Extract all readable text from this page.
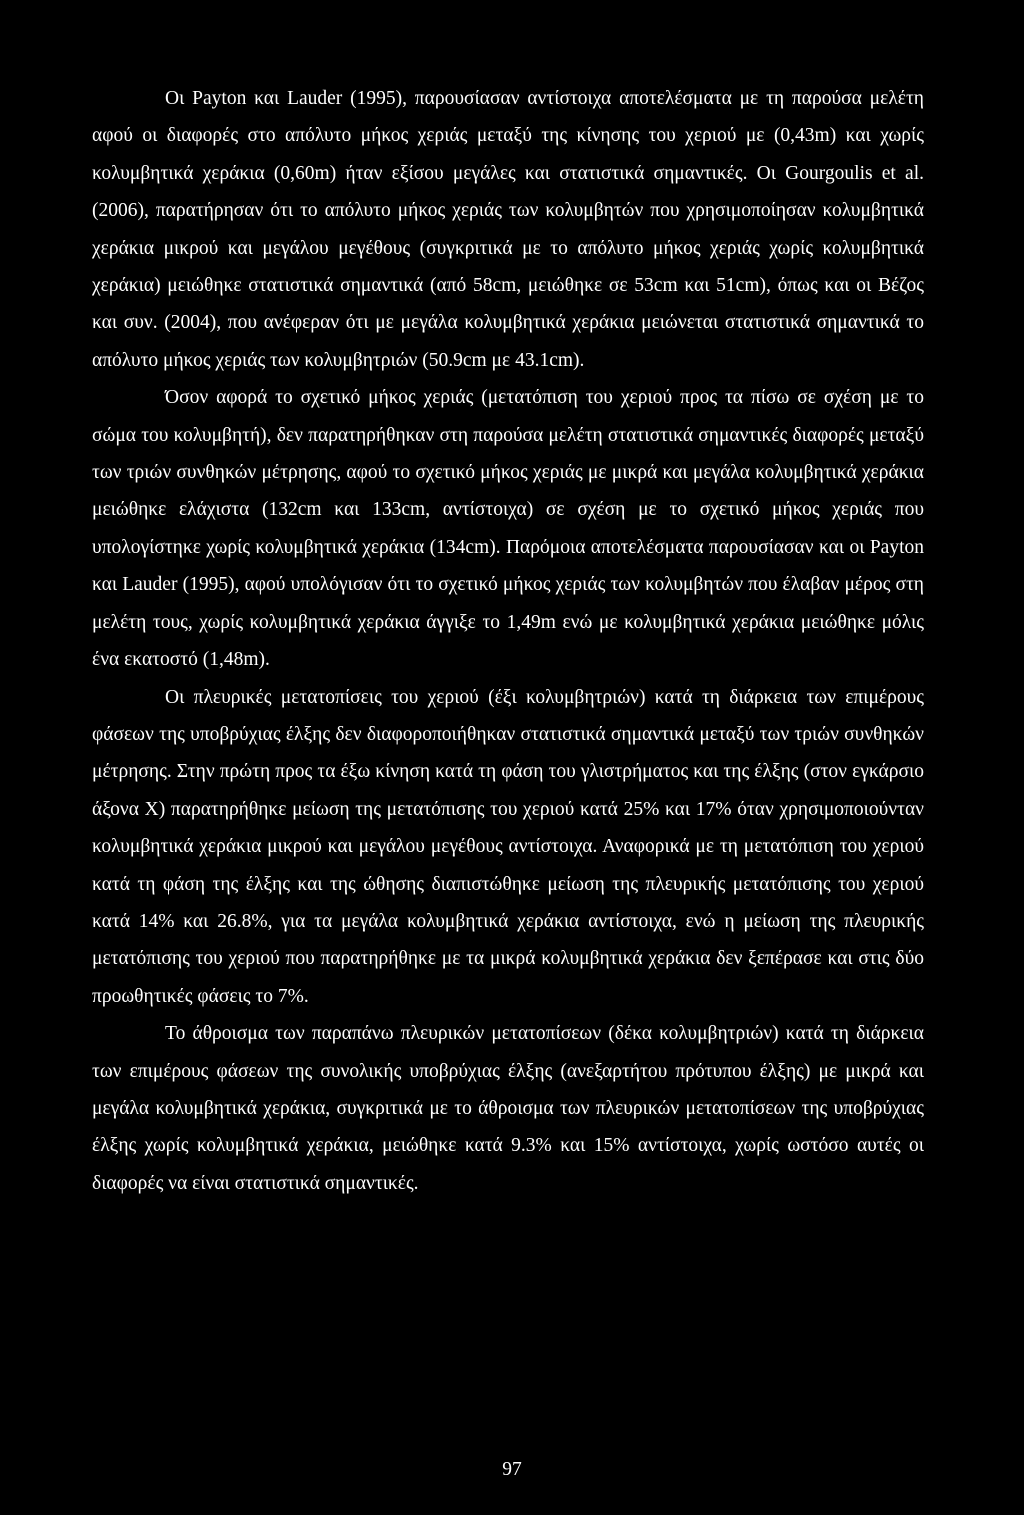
Οι Payton και Lauder (1995), παρουσίασαν αντίστοιχα αποτελέσματα με τη παρούσα μελέτη αφού οι διαφορές στο απόλυτο μήκος χεριάς μεταξύ της κίνησης του χεριού με (0,43m) και χωρίς κολυμβητικά χεράκια (0,60m) ήταν εξίσου μεγάλες και στατιστικά σημαντικές. Οι Gourgoulis et al. (2006), παρατήρησαν ότι το απόλυτο μήκος χεριάς των κολυμβητών που χρησιμοποίησαν κολυμβητικά χεράκια μικρού και μεγάλου μεγέθους (συγκριτικά με το απόλυτο μήκος χεριάς χωρίς κολυμβητικά χεράκια) μειώθηκε στατιστικά σημαντικά (από 58cm, μειώθηκε σε 53cm και 51cm), όπως και οι Βέζος και συν. (2004), που ανέφεραν ότι με μεγάλα κολυμβητικά χεράκια μειώνεται στατιστικά σημαντικά το απόλυτο μήκος χεριάς των κολυμβητριών (50.9cm με 43.1cm).

Όσον αφορά το σχετικό μήκος χεριάς (μετατόπιση του χεριού προς τα πίσω σε σχέση με το σώμα του κολυμβητή), δεν παρατηρήθηκαν στη παρούσα μελέτη στατιστικά σημαντικές διαφορές μεταξύ των τριών συνθηκών μέτρησης, αφού το σχετικό μήκος χεριάς με μικρά και μεγάλα κολυμβητικά χεράκια μειώθηκε ελάχιστα (132cm και 133cm, αντίστοιχα) σε σχέση με το σχετικό μήκος χεριάς που υπολογίστηκε χωρίς κολυμβητικά χεράκια (134cm). Παρόμοια αποτελέσματα παρουσίασαν και οι Payton και Lauder (1995), αφού υπολόγισαν ότι το σχετικό μήκος χεριάς των κολυμβητών που έλαβαν μέρος στη μελέτη τους, χωρίς κολυμβητικά χεράκια άγγιξε το 1,49m ενώ με κολυμβητικά χεράκια μειώθηκε μόλις ένα εκατοστό (1,48m).

Οι πλευρικές μετατοπίσεις του χεριού (έξι κολυμβητριών) κατά τη διάρκεια των επιμέρους φάσεων της υποβρύχιας έλξης δεν διαφοροποιήθηκαν στατιστικά σημαντικά μεταξύ των τριών συνθηκών μέτρησης. Στην πρώτη προς τα έξω κίνηση κατά τη φάση του γλιστρήματος και της έλξης (στον εγκάρσιο άξονα X) παρατηρήθηκε μείωση της μετατόπισης του χεριού κατά 25% και 17% όταν χρησιμοποιούνταν κολυμβητικά χεράκια μικρού και μεγάλου μεγέθους αντίστοιχα. Αναφορικά με τη μετατόπιση του χεριού κατά τη φάση της έλξης και της ώθησης διαπιστώθηκε μείωση της πλευρικής μετατόπισης του χεριού κατά 14% και 26.8%, για τα μεγάλα κολυμβητικά χεράκια αντίστοιχα, ενώ η μείωση της πλευρικής μετατόπισης του χεριού που παρατηρήθηκε με τα μικρά κολυμβητικά χεράκια δεν ξεπέρασε και στις δύο προωθητικές φάσεις το 7%.

Το άθροισμα των παραπάνω πλευρικών μετατοπίσεων (δέκα κολυμβητριών) κατά τη διάρκεια των επιμέρους φάσεων της συνολικής υποβρύχιας έλξης (ανεξαρτήτου πρότυπου έλξης) με μικρά και μεγάλα κολυμβητικά χεράκια, συγκριτικά με το άθροισμα των πλευρικών μετατοπίσεων της υποβρύχιας έλξης χωρίς κολυμβητικά χεράκια, μειώθηκε κατά 9.3% και 15% αντίστοιχα, χωρίς ωστόσο αυτές οι διαφορές να είναι στατιστικά σημαντικές.

97
